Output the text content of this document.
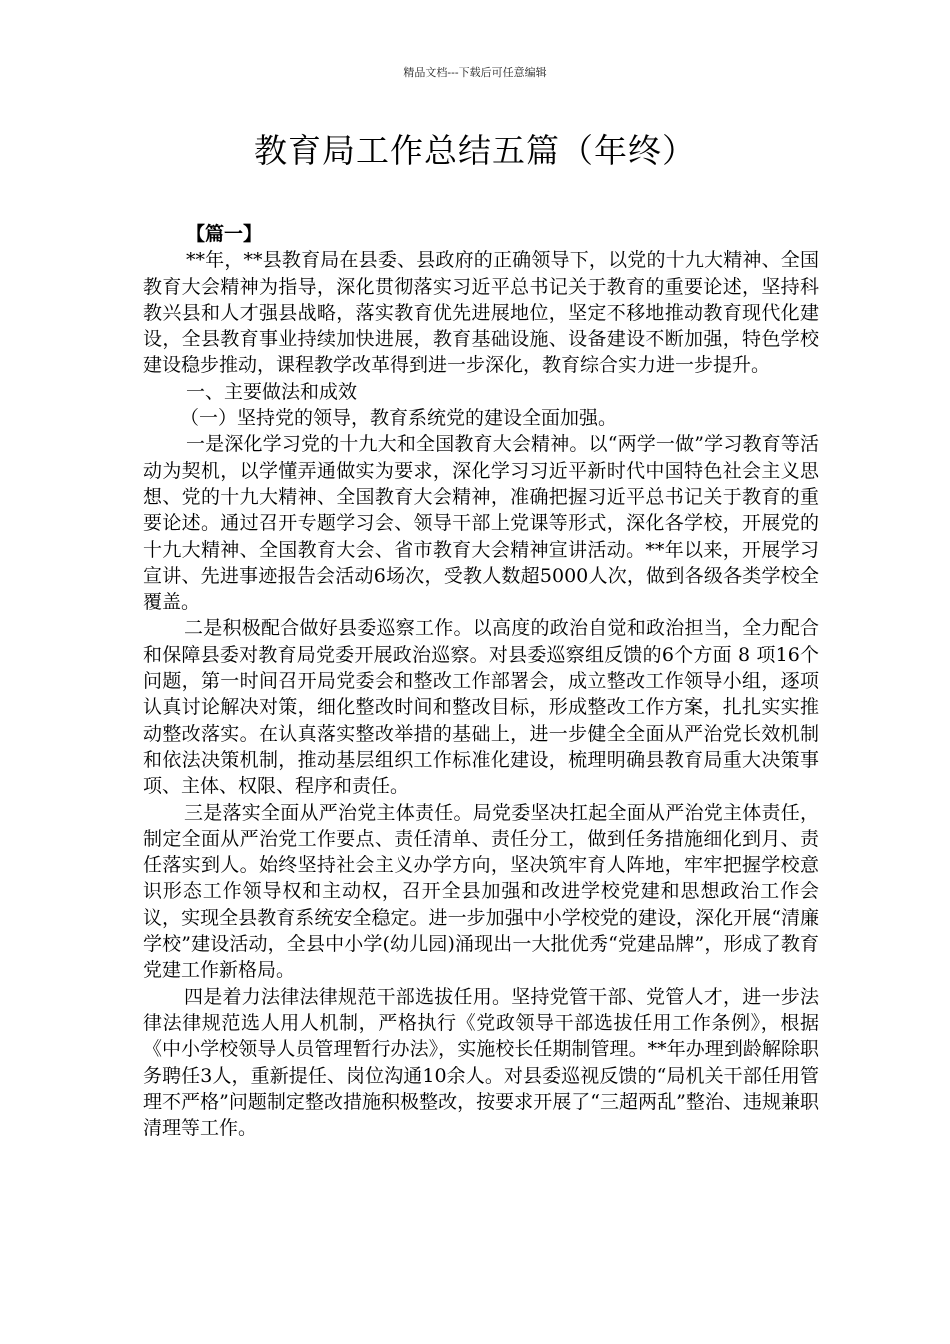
精品文档---下载后可任意编辑
教育局工作总结五篇（年终）

【篇一】

**年，**县教育局在县委、县政府的正确领导下，以党的十九大精神、全国教育大会精神为指导，深化贯彻落实习近平总书记关于教育的重要论述，坚持科教兴县和人才强县战略，落实教育优先进展地位，坚定不移地推动教育现代化建设，全县教育事业持续加快进展，教育基础设施、设备建设不断加强，特色学校建设稳步推动，课程教学改革得到进一步深化，教育综合实力进一步提升。

一、主要做法和成效

（一）坚持党的领导，教育系统党的建设全面加强。

一是深化学习党的十九大和全国教育大会精神。以“两学一做”学习教育等活动为契机，以学懂弄通做实为要求，深化学习习近平新时代中国特色社会主义思想、党的十九大精神、全国教育大会精神，准确把握习近平总书记关于教育的重要论述。通过召开专题学习会、领导干部上党课等形式，深化各学校，开展党的十九大精神、全国教育大会、省市教育大会精神宣讲活动。**年以来，开展学习宣讲、先进事迹报告会活动6场次，受教人数超5000人次，做到各级各类学校全覆盖。

二是积极配合做好县委巡察工作。以高度的政治自觉和政治担当，全力配合和保障县委对教育局党委开展政治巡察。对县委巡察组反馈的6个方面 8 项16个问题，第一时间召开局党委会和整改工作部署会，成立整改工作领导小组，逐项认真讨论解决对策，细化整改时间和整改目标，形成整改工作方案，扎扎实实推动整改落实。在认真落实整改举措的基础上，进一步健全全面从严治党长效机制和依法决策机制，推动基层组织工作标准化建设，梳理明确县教育局重大决策事项、主体、权限、程序和责任。

三是落实全面从严治党主体责任。局党委坚决扛起全面从严治党主体责任，制定全面从严治党工作要点、责任清单、责任分工，做到任务措施细化到月、责任落实到人。始终坚持社会主义办学方向，坚决筑牢育人阵地，牢牢把握学校意识形态工作领导权和主动权，召开全县加强和改进学校党建和思想政治工作会议，实现全县教育系统安全稳定。进一步加强中小学校党的建设，深化开展“清廉学校”建设活动，全县中小学(幼儿园)涌现出一大批优秀“党建品牌”，形成了教育党建工作新格局。

四是着力法律法律规范干部选拔任用。坚持党管干部、党管人才，进一步法律法律规范选人用人机制，严格执行《党政领导干部选拔任用工作条例》，根据《中小学校领导人员管理暂行办法》，实施校长任期制管理。**年办理到龄解除职务聘任3人，重新提任、岗位沟通10余人。对县委巡视反馈的“局机关干部任用管理不严格”问题制定整改措施积极整改，按要求开展了“三超两乱”整治、违规兼职清理等工作。
